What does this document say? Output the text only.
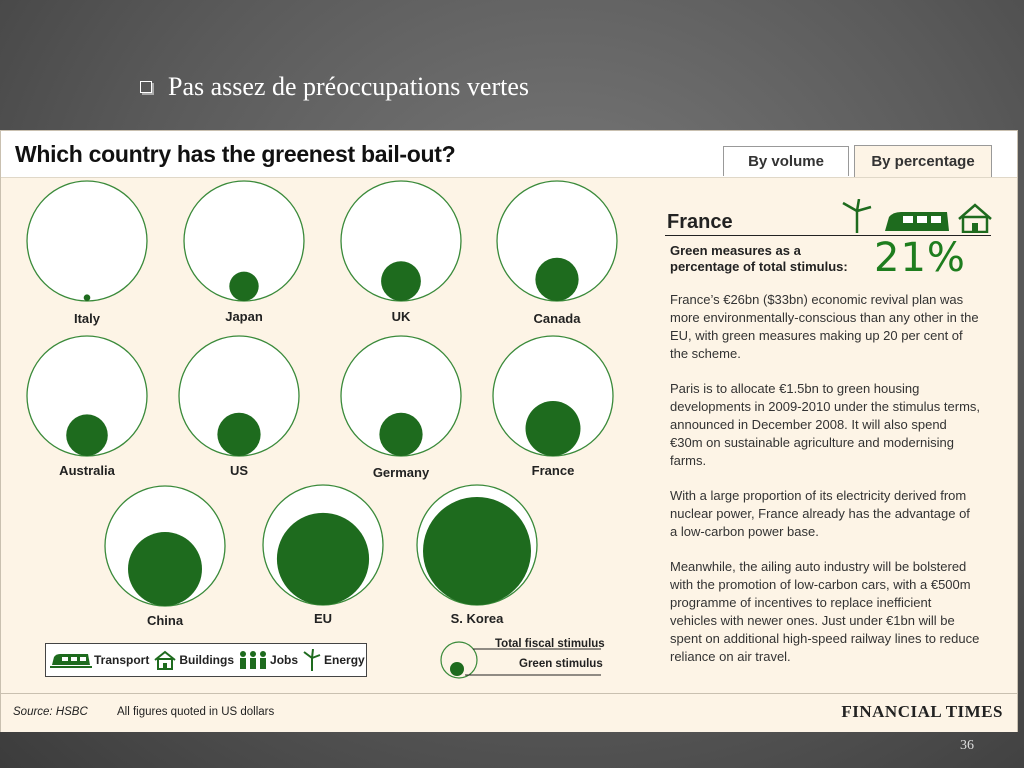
Pas assez de préoccupations vertes
Which country has the greenest bail-out?	By volume	By percentage
Italy	Japan	UK	Canada
Australia	US	Germany	France
China	EU	S. Korea
Transport	Buildings	Jobs Energy
Total fiscal stimulus
Green stimulus
France
Green measures as a percentage of total stimulus: 21%
France’s €26bn ($33bn) economic revival plan was more environmentally-conscious than any other in the EU, with green measures making up 20 per cent of the scheme.
Paris is to allocate €1.5bn to green housing developments in 2009-2010 under the stimulus terms, announced in December 2008. It will also spend €30m on sustainable agriculture and modernising farms.
With a large proportion of its electricity derived from nuclear power, France already has the advantage of a low-carbon power base.
Meanwhile, the ailing auto industry will be bolstered with the promotion of low-carbon cars, with a €500m programme of incentives to replace inefficient vehicles with newer ones. Just under €1bn will be spent on additional high-speed railway lines to reduce reliance on air travel.
Source: HSBC	All figures quoted in US dollars	FINANCIAL TIMES
36
